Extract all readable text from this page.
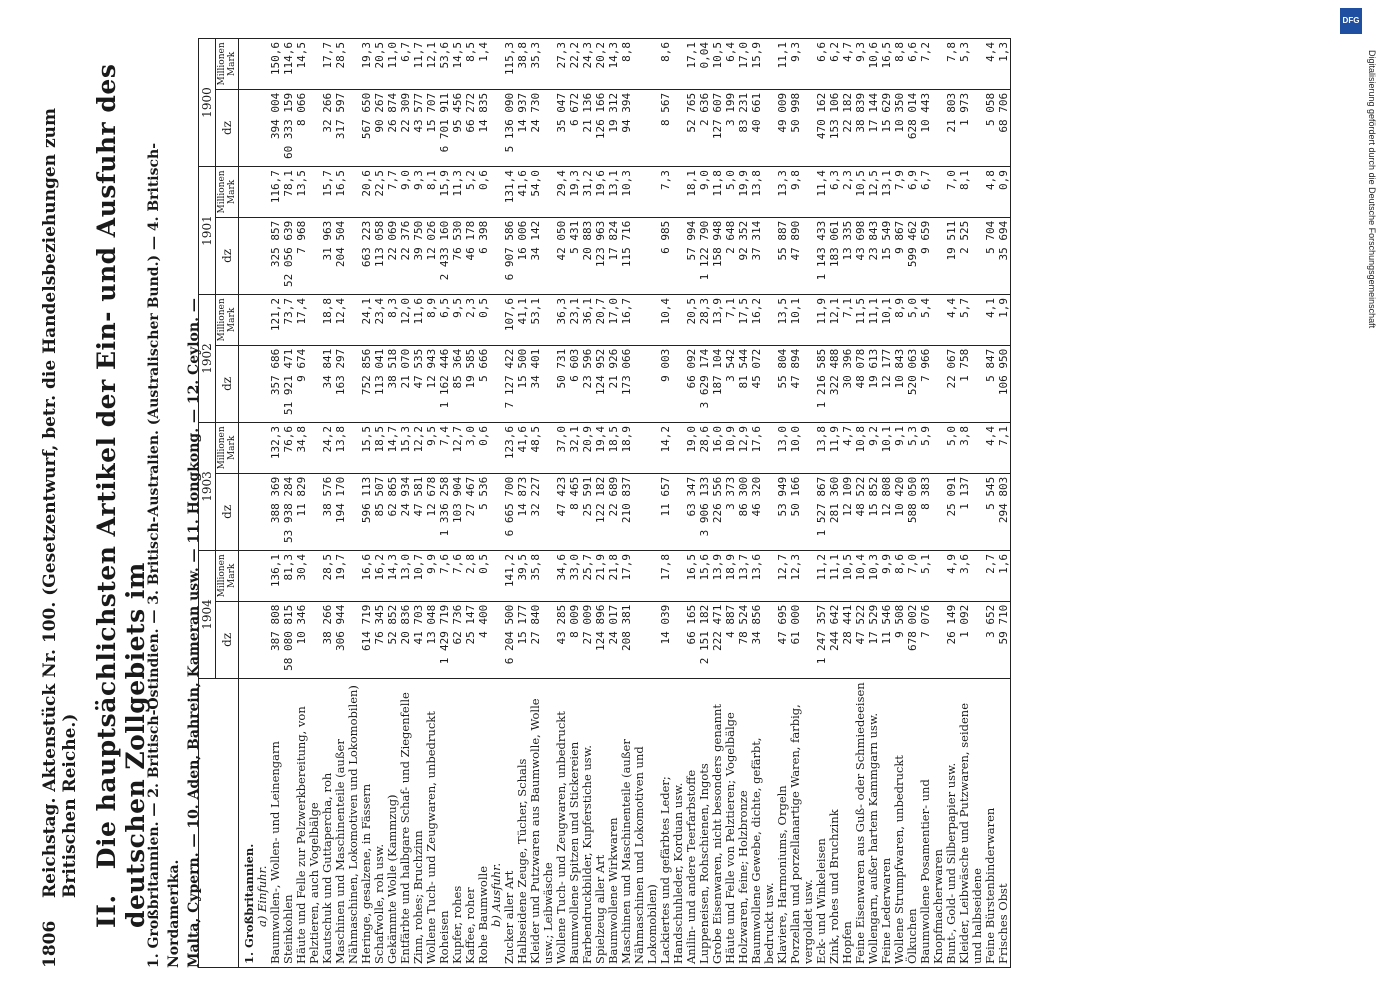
1806
Reichstag. Aktenstück Nr. 100. (Gesetzentwurf, betr. die Handelsbeziehungen zum Britischen Reiche.)
II. Die hauptsächlichsten Artikel der Ein- und Ausfuhr des deutschen Zollgebiets im
1. Großbritannien. — 2. Britisch-Ostindien. — 3. Britisch-Australien. (Australischer Bund.) — 4. Britisch-Nordamerika. Malta, Cypern. — 10. Aden, Bahrein, Kameran usw. — 11. Hongkong. — 12. Ceylon. —
	1904		1903		1902		1901		1900	
	dz	Millionen Mark	dz	Millionen Mark	dz	Millionen Mark	dz	Millionen Mark	dz	Millionen Mark
1. Großbritannien.										
a) Einfuhr.										
Baumwollen-, Wollen- und Leinengarn	387 808	136,1	388 369	132,3	357 686	121,2	325 857	116,7	394 004	150,6
Steinkohlen	58 080 815	81,3	53 938 284	76,6	51 921 471	73,7	52 056 639	78,1	60 333 159	114,6
Häute und Felle zur Pelzwerkbereitung, von Pelztieren, auch Vogelbälge	10 346	30,4	11 829	34,8	9 674	17,4	7 968	13,5	8 066	14,5
Kautschuk und Guttapercha, roh	38 266	28,5	38 576	24,2	34 841	18,8	31 963	15,7	32 266	17,7
Maschinen und Maschinenteile (außer Nähmaschinen, Lokomotiven und Lokomobilen)	306 944	19,7	194 170	13,8	163 297	12,4	204 504	16,5	317 597	28,5
Heringe, gesalzene, in Fässern	614 719	16,6	596 113	15,5	752 856	24,1	663 223	20,6	567 650	19,3
Schafwolle, roh usw.	76 345	16,2	85 507	18,5	113 041	23,4	113 058	22,5	90 267	20,5
Gekämmte Wolle (Kammzug)	52 852	14,3	62 865	14,7	38 518	8,3	22 069	7,7	26 874	11,0
Entfärbte und halbgare Schaf- und Ziegenfelle	20 836	13,0	24 934	15,3	21 070	12,0	22 376	9,0	22 309	6,7
Zinn, rohes; Bruchzinn	41 703	10,7	47 581	12,2	47 535	11,6	39 750	9,3	43 577	11,7
Wollene Tuch- und Zeugwaren, unbedruckt	13 048	9,9	12 678	9,5	12 943	8,9	12 026	8,1	15 707	12,1
Roheisen	1 429 719	7,6	1 336 258	7,4	1 162 446	6,5	2 433 160	15,9	6 701 911	53,6
Kupfer, rohes	62 736	7,6	103 904	12,7	85 364	9,5	76 530	11,3	95 456	14,5
Kaffee, roher	25 147	2,8	27 467	3,0	19 585	2,3	46 178	5,2	66 272	8,5
Rohe Baumwolle	4 400	0,5	5 536	0,6	5 666	0,5	6 398	0,6	14 835	1,4
b) Ausfuhr.										
Zucker aller Art	6 204 500	141,2	6 665 700	123,6	7 127 422	107,6	6 907 586	131,4	5 136 090	115,3
Halbseidene Zeuge, Tücher, Schals	15 177	39,5	14 873	41,6	15 500	41,1	16 006	41,6	14 937	38,8
Kleider und Putzwaren aus Baumwolle, Wolle usw.; Leibwäsche	27 840	35,8	32 227	48,5	34 401	53,1	34 142	54,0	24 730	35,3
Wollene Tuch- und Zeugwaren, unbedruckt	43 285	34,6	47 423	37,0	50 731	36,3	42 050	29,4	35 047	27,3
Baumwollene Spitzen und Stickereien	8 009	33,0	8 465	32,1	6 603	23,1	5 431	19,3	6 672	22,2
Farbendruckbilder, Kupferstiche usw.	27 009	25,7	25 591	20,9	23 596	36,1	20 883	31,2	21 136	24,3
Spielzeug aller Art	124 896	21,9	122 182	19,4	124 952	20,7	123 963	19,6	126 166	20,2
Baumwollene Wirkwaren	24 017	21,8	22 689	18,5	21 926	17,0	17 824	13,1	19 312	14,3
Maschinen und Maschinenteile (außer Nähmaschinen und Lokomotiven und Lokomobilen)	208 381	17,9	210 837	18,9	173 066	16,7	115 716	10,3	94 394	8,8
Lackiertes und gefärbtes Leder; Handschuhleder, Korduan usw.	14 039	17,8	11 657	14,2	9 003	10,4	6 985	7,3	8 567	8,6
Anilin- und andere Teerfarbstoffe	66 165	16,5	63 347	19,0	66 092	20,5	57 994	18,1	52 765	17,1
Luppeneisen, Rohschienen, Ingots	2 151 182	15,6	3 906 133	28,6	3 629 174	28,3	1 122 790	9,0	2 636	0,04
Grobe Eisenwaren, nicht besonders genannt	222 471	13,9	226 556	16,0	187 104	13,9	158 948	11,8	127 607	10,5
Häute und Felle von Pelztieren; Vogelbälge	4 887	18,9	3 373	10,9	3 542	7,1	2 648	5,0	3 199	6,4
Holzwaren, feine; Holzbronze	78 524	13,7	86 300	12,9	81 544	17,5	92 352	19,9	83 231	17,0
Baumwollene Gewebe, dichte, gefärbt, bedruckt usw.	34 856	13,6	46 320	17,6	45 072	16,2	37 314	13,8	40 661	15,9
Klaviere, Harmoniums, Orgeln	47 695	12,7	53 949	13,0	55 804	13,5	55 887	13,3	49 009	11,1
Porzellan und porzellanartige Waren, farbig, vergoldet usw.	61 000	12,3	50 166	10,0	47 894	10,1	47 890	9,8	50 998	9,3
Eck- und Winkeleisen	1 247 357	11,2	1 527 867	13,8	1 216 585	11,9	1 143 433	11,4	470 162	6,6
Zink, rohes und Bruchzink	244 642	11,1	281 360	11,9	322 488	12,1	183 061	6,3	153 106	6,2
Hopfen	28 441	10,5	12 109	4,7	30 396	7,1	13 335	2,3	22 182	4,7
Feine Eisenwaren aus Guß- oder Schmiedeeisen	47 522	10,4	48 522	10,8	48 078	11,5	43 698	10,5	38 839	9,3
Wollengarn, außer hartem Kammgarn usw.	17 529	10,3	15 852	9,2	19 613	11,1	23 843	12,5	17 144	10,6
Feine Lederwaren	11 546	9,9	12 808	10,1	12 177	10,1	15 549	13,1	15 629	16,5
Wollene Strumpfwaren, unbedruckt	9 508	8,6	10 420	9,1	10 843	8,9	9 867	7,9	10 350	8,8
Ölkuchen	678 002	7,0	588 050	5,3	520 063	5,0	599 462	6,9	628 014	6,6
Baumwollene Posamentier- und Knopfmacherwaren	7 076	5,1	8 383	5,9	7 966	5,4	9 659	6,7	10 443	7,2
Bunt-, Gold- und Silberpapier usw.	26 149	4,9	25 091	5,0	22 067	4,4	19 511	7,0	21 803	7,8
Kleider, Leibwäsche und Putzwaren, seidene und halbseidene	1 092	3,6	1 137	3,8	1 758	5,7	2 525	8,1	1 973	5,3
Feine Bürstenbinderwaren	3 652	2,7	5 545	4,4	5 847	4,1	5 704	4,8	5 058	4,4
Frisches Obst	59 710	1,6	294 803	7,1	106 950	1,9	35 694	0,9	68 706	1,3
DFG
Digitalisierung gefördert durch die Deutsche Forschungsgemeinschaft
